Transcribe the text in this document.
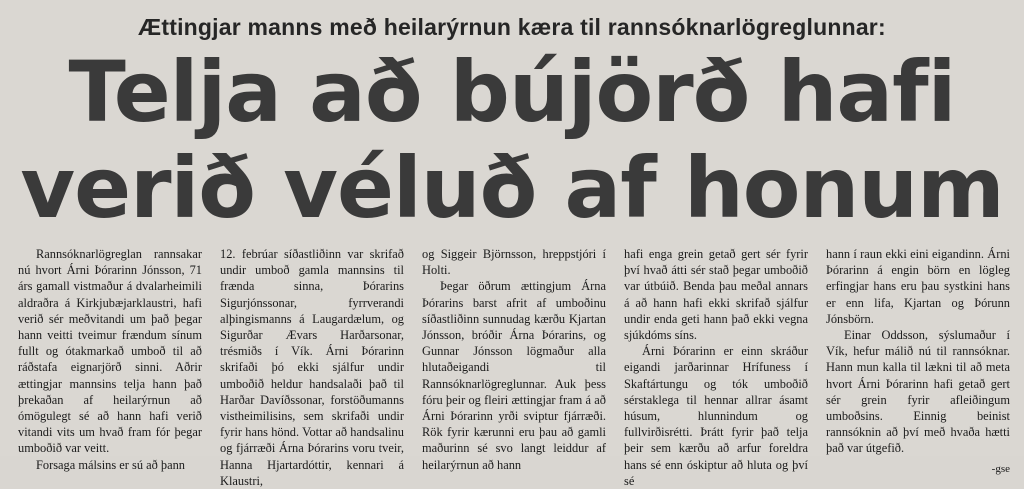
Ættingjar manns með heilarýrnun kæra til rannsóknarlögreglunnar:
Telja að bújörð hafi
verið véluð af honum

Rannsóknarlögreglan rannsakar nú hvort Árni Þórarinn Jónsson, 71 árs gamall vistmaður á dvalarheimili aldraðra á Kirkjubæjarklaustri, hafi verið sér meðvitandi um það þegar hann veitti tveimur frændum sínum fullt og ótakmarkað umboð til að ráðstafa eignarjörð sinni. Aðrir ættingjar mannsins telja hann það þrekaðan af heilarýrnun að ómögulegt sé að hann hafi verið vitandi vits um hvað fram fór þegar umboðið var veitt.

Forsaga málsins er sú að þann

12. febrúar síðastliðinn var skrifað undir umboð gamla mannsins til frænda sinna, Þórarins Sigurjónssonar, fyrrverandi alþingismanns á Laugardælum, og Sigurðar Ævars Harðarsonar, trésmiðs í Vík. Árni Þórarinn skrifaði þó ekki sjálfur undir umboðið heldur handsalaði það til Harðar Davíðssonar, forstöðumanns vistheimilisins, sem skrifaði undir fyrir hans hönd. Vottar að handsalinu og fjárræði Árna Þórarins voru tveir, Hanna Hjartardóttir, kennari á Klaustri,

og Siggeir Björnsson, hreppstjóri í Holti.

Þegar öðrum ættingjum Árna Þórarins barst afrit af umboðinu síðastliðinn sunnudag kærðu Kjartan Jónsson, bróðir Árna Þórarins, og Gunnar Jónsson lögmaður alla hlutaðeigandi til Rannsóknarlögreglunnar. Auk þess fóru þeir og fleiri ættingjar fram á að Árni Þórarinn yrði sviptur fjárræði. Rök fyrir kærunni eru þau að gamli maðurinn sé svo langt leiddur af heilarýrnun að hann

hafi enga grein getað gert sér fyrir því hvað átti sér stað þegar umboðið var útbúið. Benda þau meðal annars á að hann hafi ekki skrifað sjálfur undir enda geti hann það ekki vegna sjúkdóms síns.

Árni Þórarinn er einn skráður eigandi jarðarinnar Hrífuness í Skaftártungu og tók umboðið sérstaklega til hennar allrar ásamt húsum, hlunnindum og fullvirðisrétti. Þrátt fyrir það telja þeir sem kærðu að arfur foreldra hans sé enn óskiptur að hluta og því sé

hann í raun ekki eini eigandinn. Árni Þórarinn á engin börn en lögleg erfingjar hans eru þau systkini hans er enn lifa, Kjartan og Þórunn Jónsbörn.

Einar Oddsson, sýslumaður í Vík, hefur málið nú til rannsóknar. Hann mun kalla til lækni til að meta hvort Árni Þórarinn hafi getað gert sér grein fyrir afleiðingum umboðsins. Einnig beinist rannsóknin að því með hvaða hætti það var útgefið.

-gse
